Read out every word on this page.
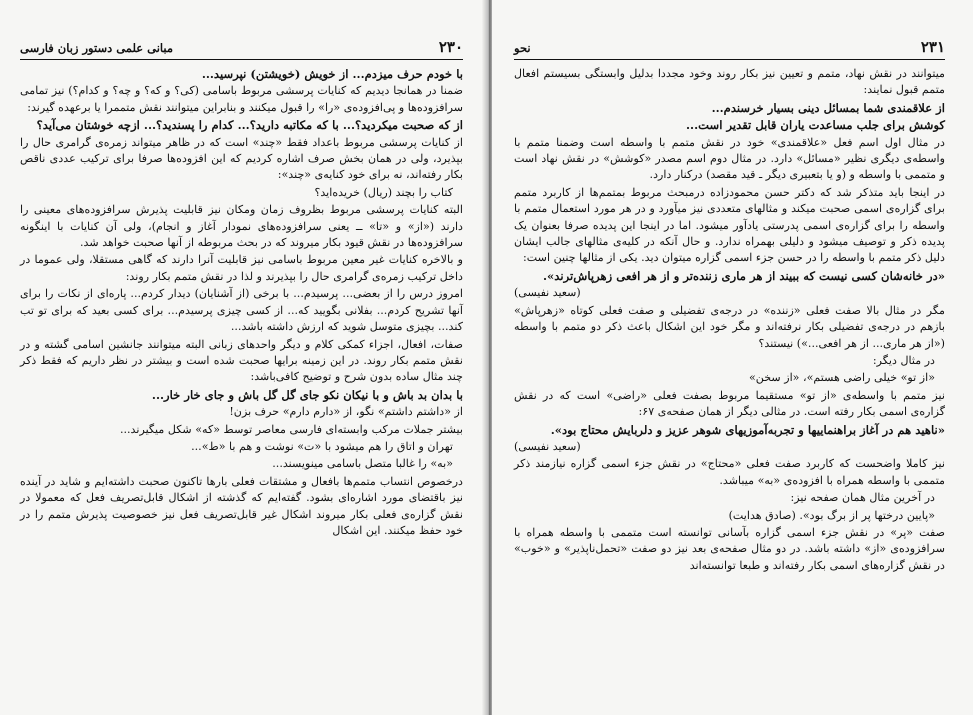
۲۳۰
مبانی علمی دستور زبان فارسی

با خودم حرف میزدم... از خویش (خویشتن) نپرسید...

ضمنا در همانجا دیدیم که کنایات پرسشی مربوط باسامی (کی؟ و که؟ و چه؟ و کدام؟) نیز تمامی سرافزوده‌ها و پی‌افزوده‌ی «را» را قبول میکنند و بنابراین میتوانند نقش متممرا یا برعهده گیرند:

از که صحبت میکردید؟... با که مکاتبه دارید؟... کدام را پسندید؟... ازچه خوشتان می‌آید؟

از کنایات پرسشی مربوط باعداد فقط «چند» است که در ظاهر میتواند زمره‌ی گرامری حال را بپذیرد، ولی در همان بخش صرف اشاره کردیم که این افزوده‌ها صرفا برای ترکیب عددی ناقص بکار رفته‌اند، نه برای خود کنایه‌ی «چند»:

کتاب را بچند (ریال) خریده‌اید؟

البته کنایات پرسشی مربوط بظروف زمان ومکان نیز قابلیت پذیرش سرافزوده‌های معینی را دارند («از» و «تا» ــ یعنی سرافزوده‌های نمودار آغاز و انجام)، ولی آن کنایات با اینگونه سرافزوده‌ها در نقش قیود بکار میروند که در بحث مربوطه از آنها صحبت خواهد شد.

و بالاخره کنایات غیر معین مربوط باسامی نیز قابلیت آنرا دارند که گاهی مستقلا، ولی عموما در داخل ترکیب زمره‌ی گرامری حال را بپذیرند و لذا در نقش متمم بکار روند:

امروز درس را از بعضی... پرسیدم... با برخی (از آشنایان) دیدار کردم... پاره‌ای از نکات را برای آنها تشریح کردم... بفلانی بگویید که... از کسی چیزی پرسیدم... برای کسی بعید که برای تو تب کند... بچیزی متوسل شوید که ارزش داشته باشد...

صفات، افعال، اجزاء کمکی کلام و دیگر واحدهای زبانی البته میتوانند جانشین اسامی گشته و در نقش متمم بکار روند. در این زمینه برایها صحبت شده است و بیشتر در نظر داریم که فقط ذکر چند مثال ساده بدون شرح و توضیح کافی‌باشد:

با بدان بد باش و با نیکان نکو جای گل گل باش و جای خار خار...

از «داشتم داشتم» نگو، از «دارم دارم» حرف بزن!

بیشتر جملات مرکب وابسته‌ای فارسی معاصر توسط «که» شکل میگیرند...

تهران و اتاق را هم میشود با «ت» نوشت و هم با «ط»...

«به» را غالبا متصل باسامی مینویسند...

درخصوص انتساب متمم‌ها بافعال و مشتقات فعلی بارها تاکنون صحبت داشته‌ایم و شاید در آینده نیز باقتضای مورد اشاره‌ای بشود. گفته‌ایم که گذشته از اشکال قابل‌تصریف فعل که معمولا در نقش گزاره‌ی فعلی بکار میروند اشکال غیر قابل‌تصریف فعل نیز خصوصیت پذیرش متمم را در خود حفظ میکنند. این اشکال

۲۳۱
نحو

میتوانند در نقش نهاد، متمم و تعیین نیز بکار روند وخود مجددا بدلیل وابستگی بسیستم افعال متمم قبول نمایند:

از علاقمندی شما بمسائل دینی بسیار خرسندم...

کوشش برای جلب مساعدت یاران قابل تقدیر است...

در مثال اول اسم فعل «علاقمندی» خود در نقش متمم با واسطه است وضمنا متمم با واسطه‌ی دیگری نظیر «مسائل» دارد. در مثال دوم اسم مصدر «کوشش» در نقش نهاد است و متممی با واسطه و (و یا بتعبیری دیگر ـ قید مقصد) درکنار دارد.

در اینجا باید متذکر شد که دکتر حسن محمودزاده درمبحث مربوط بمتمم‌ها از کاربرد متمم برای گزاره‌ی اسمی صحبت میکند و مثالهای متعددی نیز میآورد و در هر مورد استعمال متمم با واسطه را برای گزاره‌ی اسمی پدرستی یادآور میشود. اما در اینجا این پدیده صرفا بعنوان یک پدیده ذکر و توصیف میشود و دلیلی بهمراه ندارد. و حال آنکه در کلیه‌ی مثالهای جالب ایشان دلیل ذکر متمم با واسطه را در حسن جزء اسمی گزاره میتوان دید. یکی از مثالها چنین است:

«در خانه‌شان کسی نیست که ببیند از هر ماری زننده‌تر و از هر افعی زهرپاش‌ترند».

(سعید نفیسی)

مگر در مثال بالا صفت فعلی «زننده» در درجه‌ی تفضیلی و صفت فعلی کوتاه «زهرپاش» بازهم در درجه‌ی تفضیلی بکار نرفته‌اند و مگر خود این اشکال باعث ذکر دو متمم با واسطه («از هر ماری... از هر افعی...») نیستند؟

در مثال دیگر:

«از تو» خیلی راضی هستم»، «از سخن»

نیز متمم با واسطه‌ی «از تو» مستقیما مربوط بصفت فعلی «راضی» است که در نقش گزاره‌ی اسمی بکار رفته است. در مثالی دیگر از همان صفحه‌ی ۶۷:

«ناهید هم در آغاز براهنماییها و تجربه‌آموزیهای شوهر عزیز و دلربایش محتاج بود».

(سعید نفیسی)

نیز کاملا واضحست که کاربرد صفت فعلی «محتاج» در نقش جزء اسمی گزاره نیازمند ذکر متممی با واسطه همراه با افزوده‌ی «به» میباشد.

در آخرین مثال همان صفحه نیز:

«پایین درختها پر از برگ بود». (صادق هدایت)

صفت «پر» در نقش جزء اسمی گزاره بآسانی توانسته است متممی با واسطه همراه با سرافزوده‌ی «از» داشته باشد. در دو مثال صفحه‌ی بعد نیز دو صفت «تحمل‌ناپذیر» و «خوب» در نقش گزاره‌های اسمی بکار رفته‌اند و طبعا توانسته‌اند
